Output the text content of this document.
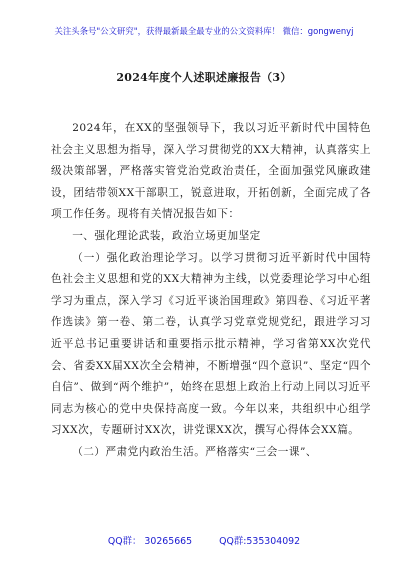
关注头条号"公文研究"，获得最新最全最专业的公文资料库！ 微信：gongwenyj
2024年度个人述职述廉报告（3）

2024年，在XX的坚强领导下，我以习近平新时代中国特色社会主义思想为指导，深入学习贯彻党的XX大精神，认真落实上级决策部署，严格落实管党治党政治责任，全面加强党风廉政建设，团结带领XX干部职工，锐意进取，开拓创新，全面完成了各项工作任务。现将有关情况报告如下：

一、强化理论武装，政治立场更加坚定

（一）强化政治理论学习。以学习贯彻习近平新时代中国特色社会主义思想和党的XX大精神为主线，以党委理论学习中心组学习为重点，深入学习《习近平谈治国理政》第四卷、《习近平著作选读》第一卷、第二卷，认真学习党章党规党纪，跟进学习习近平总书记重要讲话和重要指示批示精神，学习省第XX次党代会、省委XX届XX次全会精神，不断增强“四个意识”、坚定“四个自信”、做到“两个维护”，始终在思想上政治上行动上同以习近平同志为核心的党中央保持高度一致。今年以来，共组织中心组学习XX次，专题研讨XX次，讲党课XX次，撰写心得体会XX篇。

（二）严肃党内政治生活。严格落实“三会一课”、

QQ群： 30265665	QQ群:535304092
